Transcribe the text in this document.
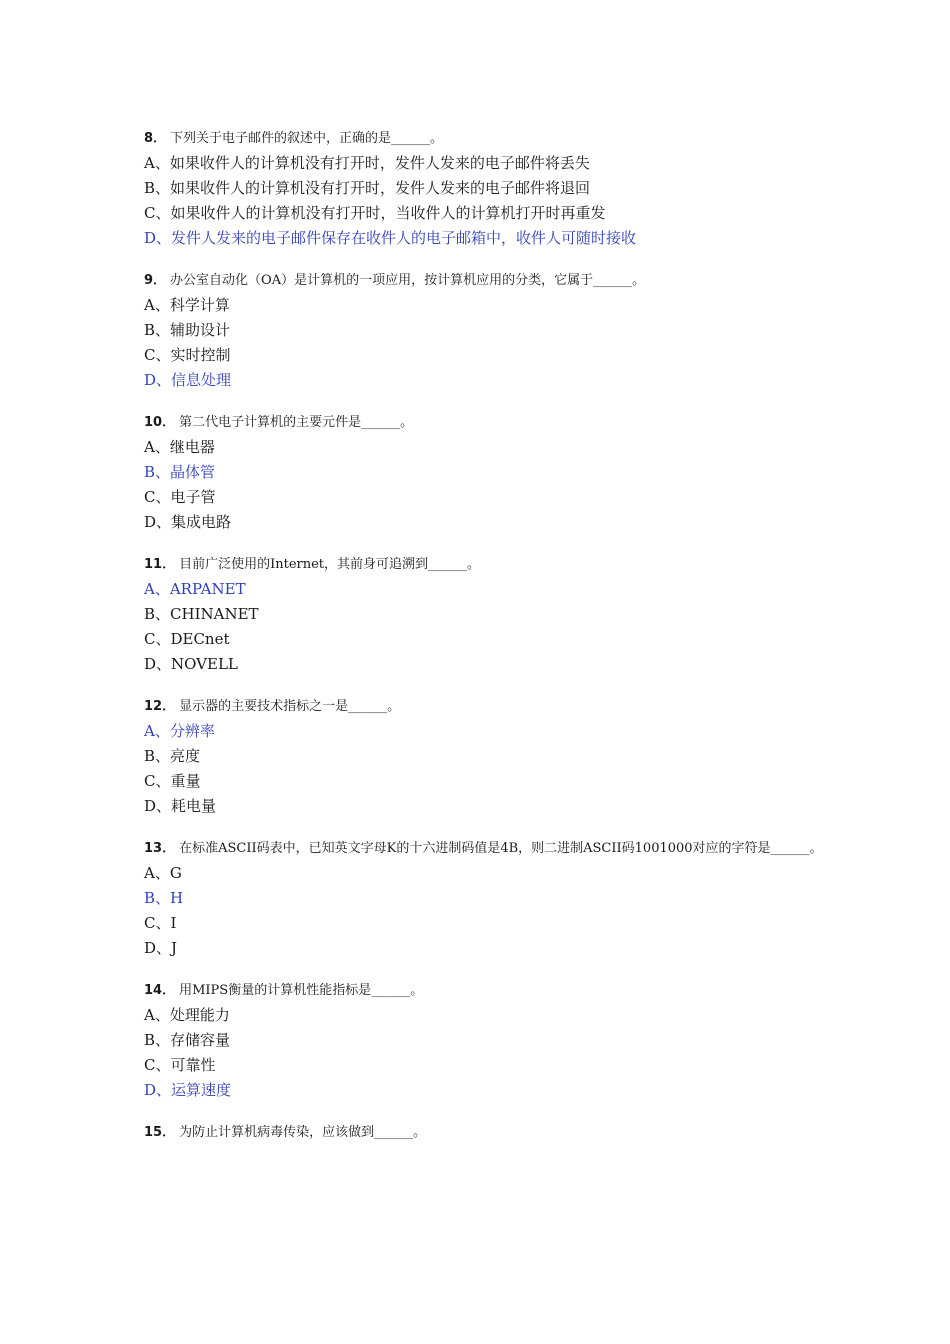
8． 下列关于电子邮件的叙述中，正确的是______。
A、如果收件人的计算机没有打开时，发件人发来的电子邮件将丢失
B、如果收件人的计算机没有打开时，发件人发来的电子邮件将退回
C、如果收件人的计算机没有打开时，当收件人的计算机打开时再重发
D、发件人发来的电子邮件保存在收件人的电子邮箱中，收件人可随时接收
9． 办公室自动化（OA）是计算机的一项应用，按计算机应用的分类，它属于______。
A、科学计算
B、辅助设计
C、实时控制
D、信息处理
10． 第二代电子计算机的主要元件是______。
A、继电器
B、晶体管
C、电子管
D、集成电路
11． 目前广泛使用的Internet，其前身可追溯到______。
A、ARPANET
B、CHINANET
C、DECnet
D、NOVELL
12． 显示器的主要技术指标之一是______。
A、分辨率
B、亮度
C、重量
D、耗电量
13． 在标准ASCII码表中，已知英文字母K的十六进制码值是4B，则二进制ASCII码1001000对应的字符是______。
A、G
B、H
C、I
D、J
14． 用MIPS衡量的计算机性能指标是______。
A、处理能力
B、存储容量
C、可靠性
D、运算速度
15． 为防止计算机病毒传染，应该做到______。
